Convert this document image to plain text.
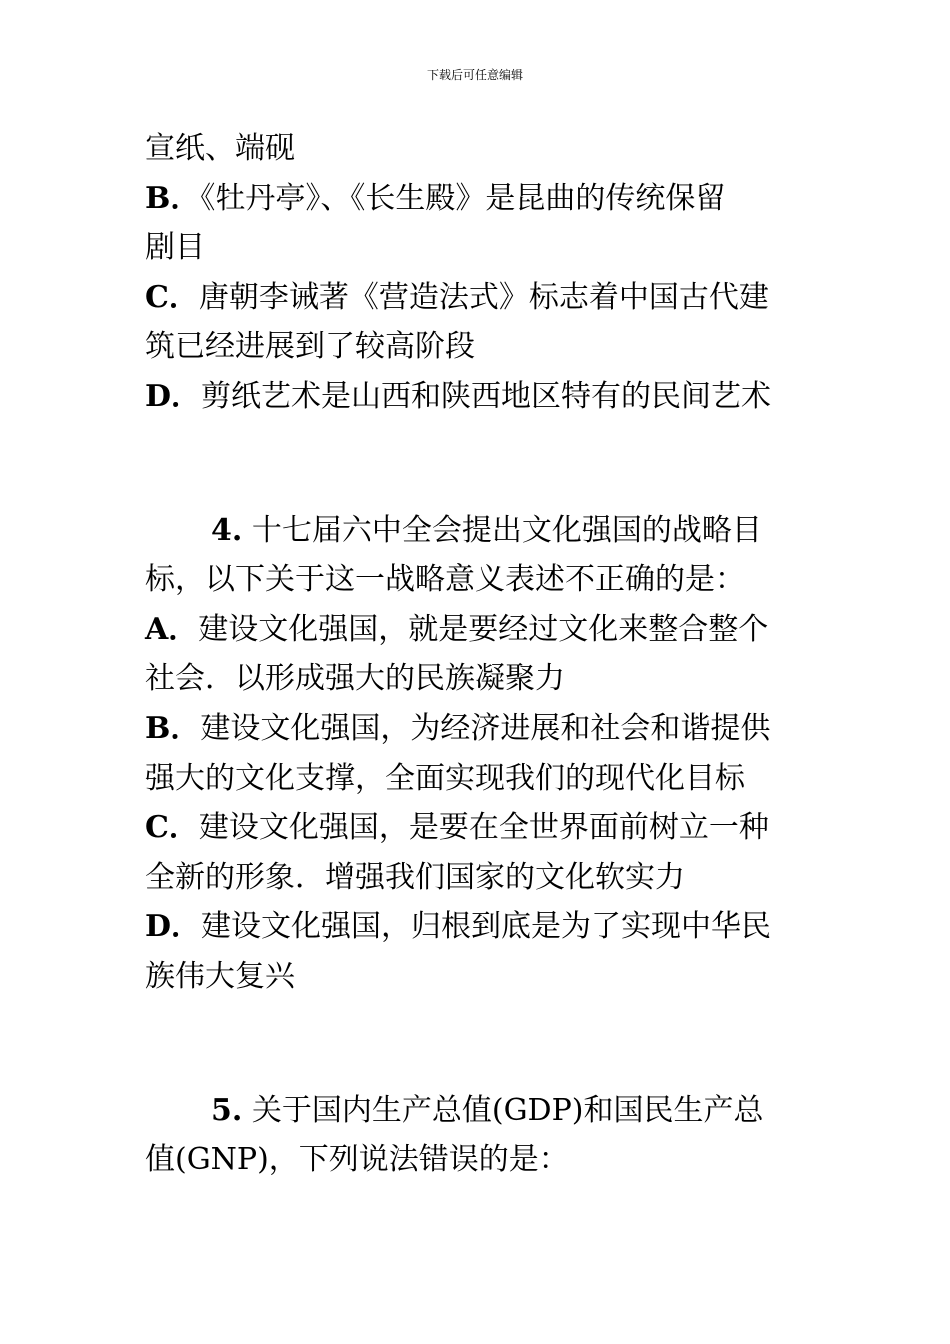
下载后可任意编辑
宣纸、端砚
B．《牡丹亭》、《长生殿》是昆曲的传统保留
剧目
C．唐朝李诫著《营造法式》标志着中国古代建
筑已经进展到了较高阶段
D．剪纸艺术是山西和陕西地区特有的民间艺术
4. 十七届六中全会提出文化强国的战略目
标，以下关于这一战略意义表述不正确的是：
A．建设文化强国，就是要经过文化来整合整个
社会．以形成强大的民族凝聚力
B．建设文化强国，为经济进展和社会和谐提供
强大的文化支撑，全面实现我们的现代化目标
C．建设文化强国，是要在全世界面前树立一种
全新的形象．增强我们国家的文化软实力
D．建设文化强国，归根到底是为了实现中华民
族伟大复兴
5. 关于国内生产总值(GDP)和国民生产总
值(GNP)，下列说法错误的是：
